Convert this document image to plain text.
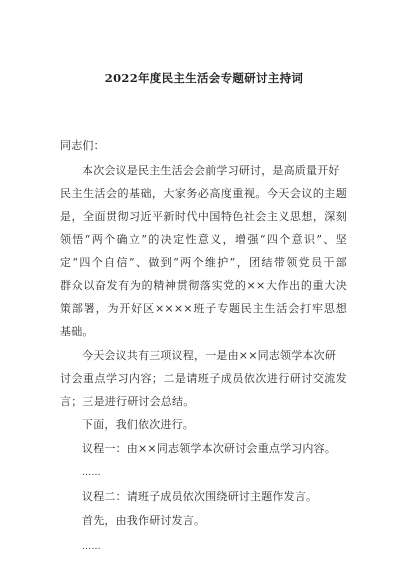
2022年度民主生活会专题研讨主持词
同志们：
本次会议是民主生活会会前学习研讨，是高质量开好
民主生活会的基础，大家务必高度重视。今天会议的主题
是，全面贯彻习近平新时代中国特色社会主义思想，深刻
领悟“两个确立”的决定性意义，增强“四个意识”、坚
定“四个自信”、做到“两个维护”，团结带领党员干部
群众以奋发有为的精神贯彻落实党的××大作出的重大决
策部署，为开好区××××班子专题民主生活会打牢思想
基础。
今天会议共有三项议程，一是由××同志领学本次研
讨会重点学习内容；二是请班子成员依次进行研讨交流发
言；三是进行研讨会总结。
下面，我们依次进行。
议程一：由××同志领学本次研讨会重点学习内容。
……
议程二：请班子成员依次围绕研讨主题作发言。
首先，由我作研讨发言。
……
